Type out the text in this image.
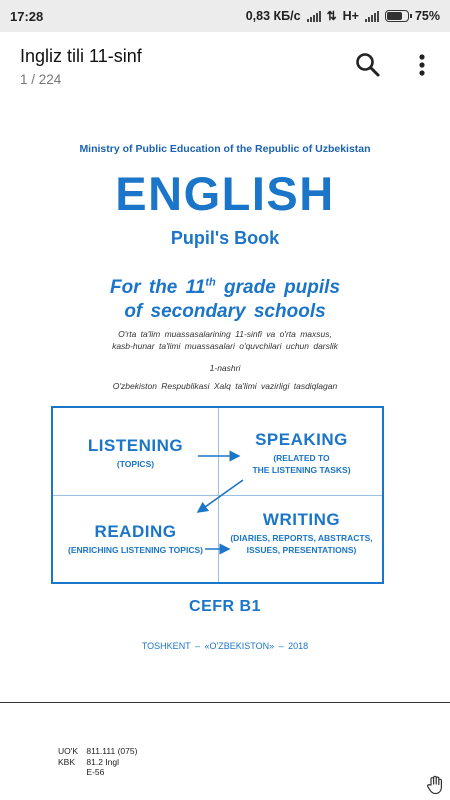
17:28	0,83 КБ/с ⇅ H+	75%
Ingliz tili 11-sinf
1 / 224
Ministry of Public Education of the Republic of Uzbekistan
ENGLISH
Pupil's Book
For the 11th grade pupils
of secondary schools
O'rta ta'lim muassasalarining 11-sinfi va o'rta maxsus,
kasb-hunar ta'limi muassasalari o'quvchilari uchun darslik
1-nashri
O'zbekiston Respublikasi Xalq ta'limi vazirligi tasdiqlagan
LISTENING
(TOPICS)
SPEAKING
(RELATED TO
THE LISTENING TASKS)
READING
(ENRICHING LISTENING TOPICS)
WRITING
(DIARIES, REPORTS, ABSTRACTS,
ISSUES, PRESENTATIONS)
CEFR B1
TOSHKENT – «O'ZBEKISTON» – 2018
UO'K 811.111 (075)
KBK 81.2 Ingl
E-56
